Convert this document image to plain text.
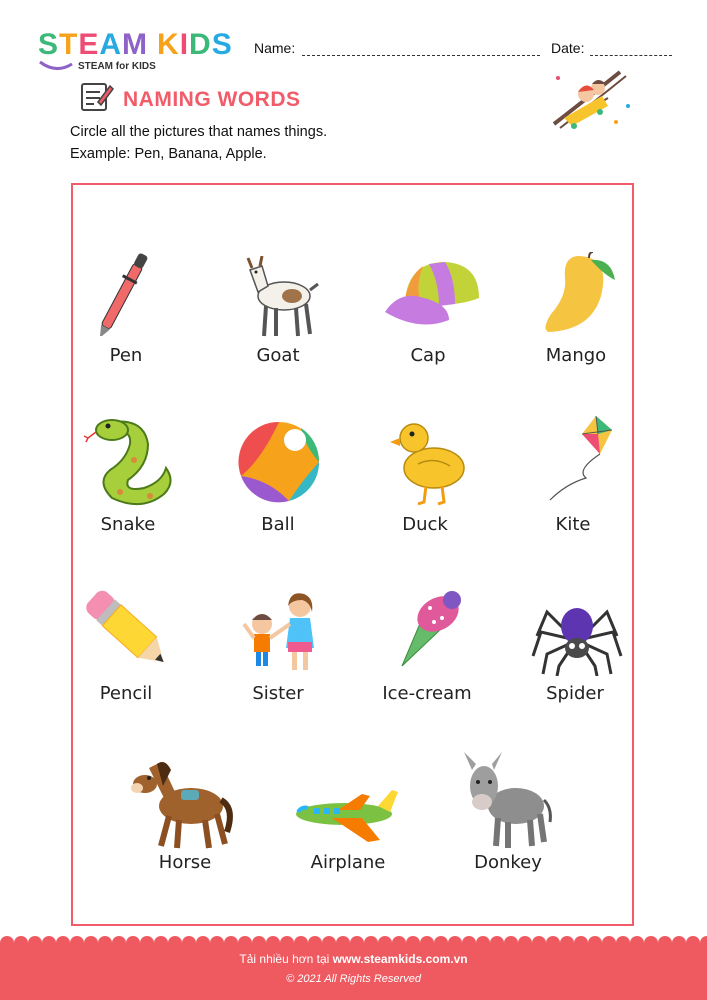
STEAM KIDS
STEAM for KIDS
Name:	Date:
NAMING WORDS
Circle all the pictures that names things.
Example: Pen, Banana, Apple.
Pen	Goat	Cap	Mango
Snake	Ball	Duck	Kite
Pencil	Sister	Ice-cream	Spider
Horse	Airplane	Donkey
Tải nhiều hơn tại www.steamkids.com.vn
© 2021 All Rights Reserved
